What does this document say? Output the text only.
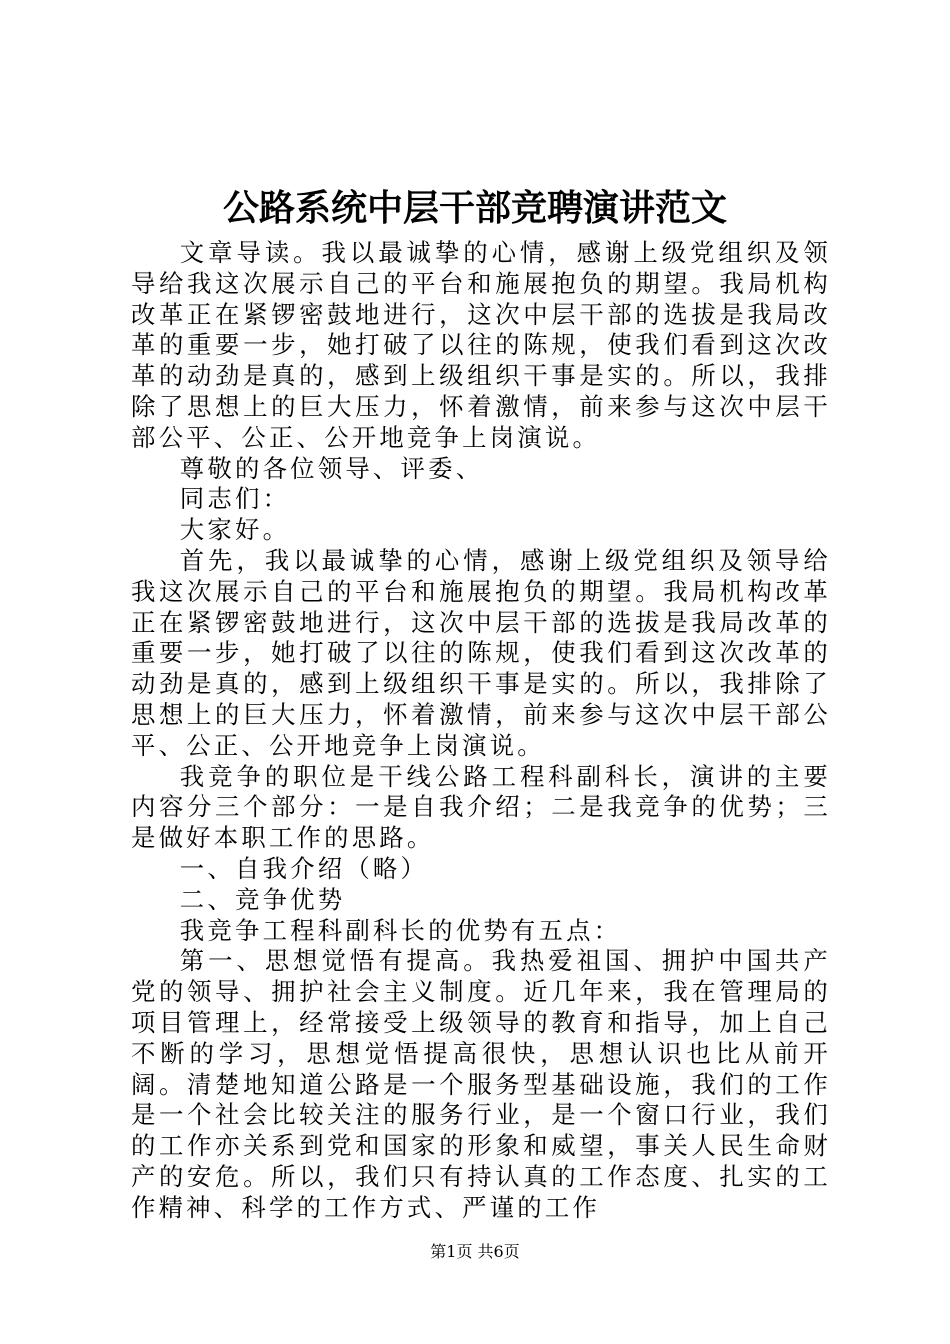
公路系统中层干部竞聘演讲范文

文章导读。我以最诚挚的心情，感谢上级党组织及领导给我这次展示自己的平台和施展抱负的期望。我局机构改革正在紧锣密鼓地进行，这次中层干部的选拔是我局改革的重要一步，她打破了以往的陈规，使我们看到这次改革的动劲是真的，感到上级组织干事是实的。所以，我排除了思想上的巨大压力，怀着激情，前来参与这次中层干部公平、公正、公开地竞争上岗演说。

尊敬的各位领导、评委、

同志们：

大家好。

首先，我以最诚挚的心情，感谢上级党组织及领导给我这次展示自己的平台和施展抱负的期望。我局机构改革正在紧锣密鼓地进行，这次中层干部的选拔是我局改革的重要一步，她打破了以往的陈规，使我们看到这次改革的动劲是真的，感到上级组织干事是实的。所以，我排除了思想上的巨大压力，怀着激情，前来参与这次中层干部公平、公正、公开地竞争上岗演说。

我竞争的职位是干线公路工程科副科长，演讲的主要内容分三个部分：一是自我介绍；二是我竞争的优势；三是做好本职工作的思路。

一、自我介绍（略）

二、竞争优势

我竞争工程科副科长的优势有五点：

第一、思想觉悟有提高。我热爱祖国、拥护中国共产党的领导、拥护社会主义制度。近几年来，我在管理局的项目管理上，经常接受上级领导的教育和指导，加上自己不断的学习，思想觉悟提高很快，思想认识也比从前开阔。清楚地知道公路是一个服务型基础设施，我们的工作是一个社会比较关注的服务行业，是一个窗口行业，我们的工作亦关系到党和国家的形象和威望，事关人民生命财产的安危。所以，我们只有持认真的工作态度、扎实的工作精神、科学的工作方式、严谨的工作

第1页 共6页
